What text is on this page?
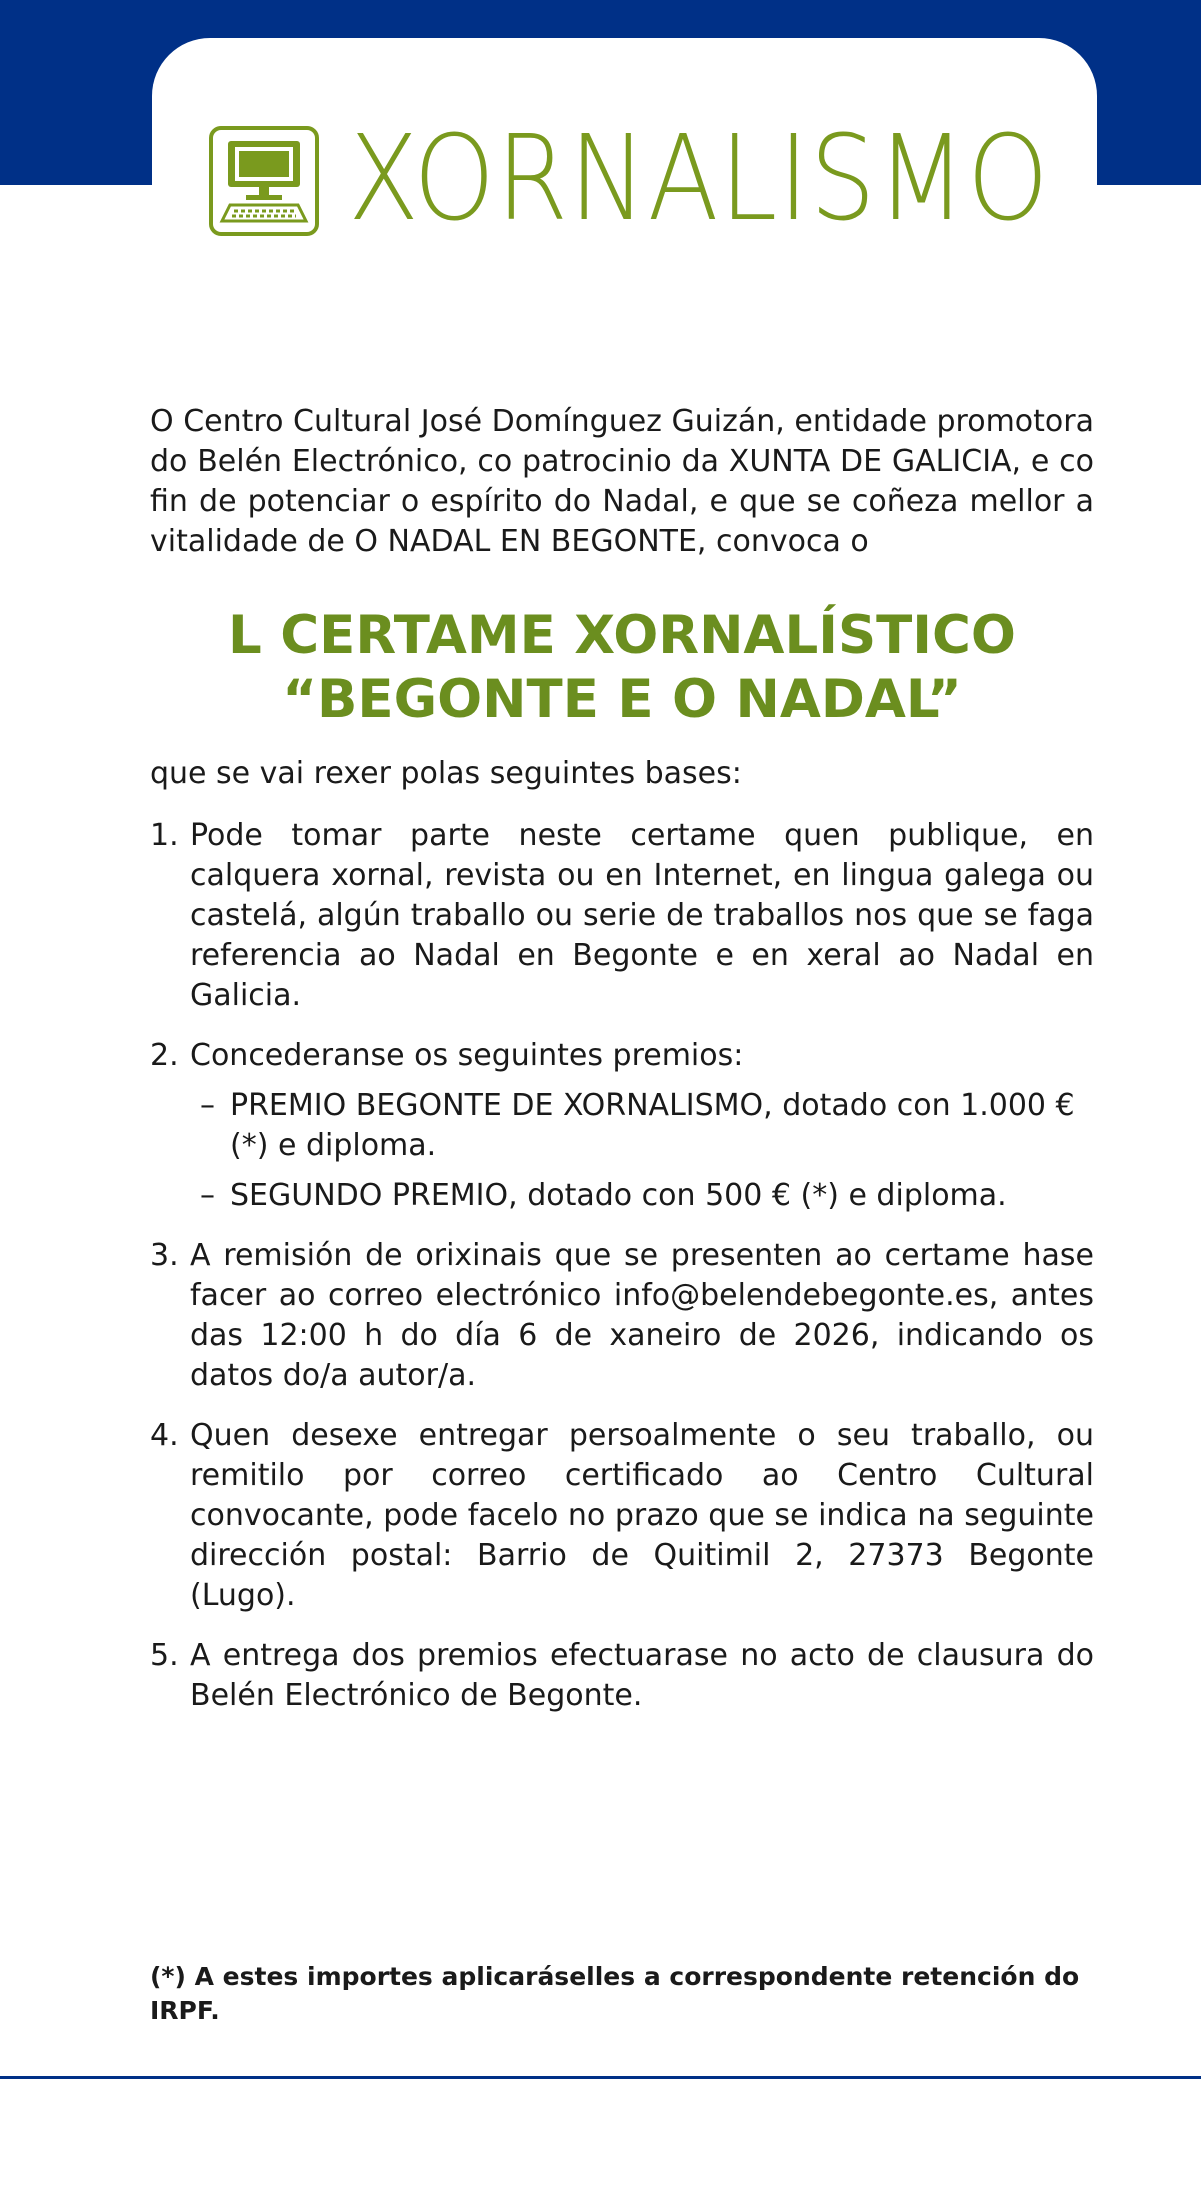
XORNALISMO

O Centro Cultural José Domínguez Guizán, entidade promotora do Belén Electrónico, co patrocinio da XUNTA DE GALICIA, e co fin de potenciar o espírito do Nadal, e que se coñeza mellor a vitalidade de O NADAL EN BEGONTE, convoca o

L CERTAME XORNALÍSTICO
“BEGONTE E O NADAL”

que se vai rexer polas seguintes bases:

1. Pode tomar parte neste certame quen publique, en calquera xornal, revista ou en Internet, en lingua galega ou castelá, algún traballo ou serie de traballos nos que se faga referencia ao Nadal en Begonte e en xeral ao Nadal en Galicia.
2. Concederanse os seguintes premios:
– PREMIO BEGONTE DE XORNALISMO, dotado con 1.000 € (*) e diploma.
– SEGUNDO PREMIO, dotado con 500 € (*) e diploma.
3. A remisión de orixinais que se presenten ao certame hase facer ao correo electrónico info@belendebegonte.es, antes das 12:00 h do día 6 de xaneiro de 2026, indicando os datos do/a autor/a.
4. Quen desexe entregar persoalmente o seu traballo, ou remitilo por correo certificado ao Centro Cultural convocante, pode facelo no prazo que se indica na seguinte dirección postal: Barrio de Quitimil 2, 27373 Begonte (Lugo).
5. A entrega dos premios efectuarase no acto de clausura do Belén Electrónico de Begonte.
(*) A estes importes aplicaráselles a correspondente retención do IRPF.
